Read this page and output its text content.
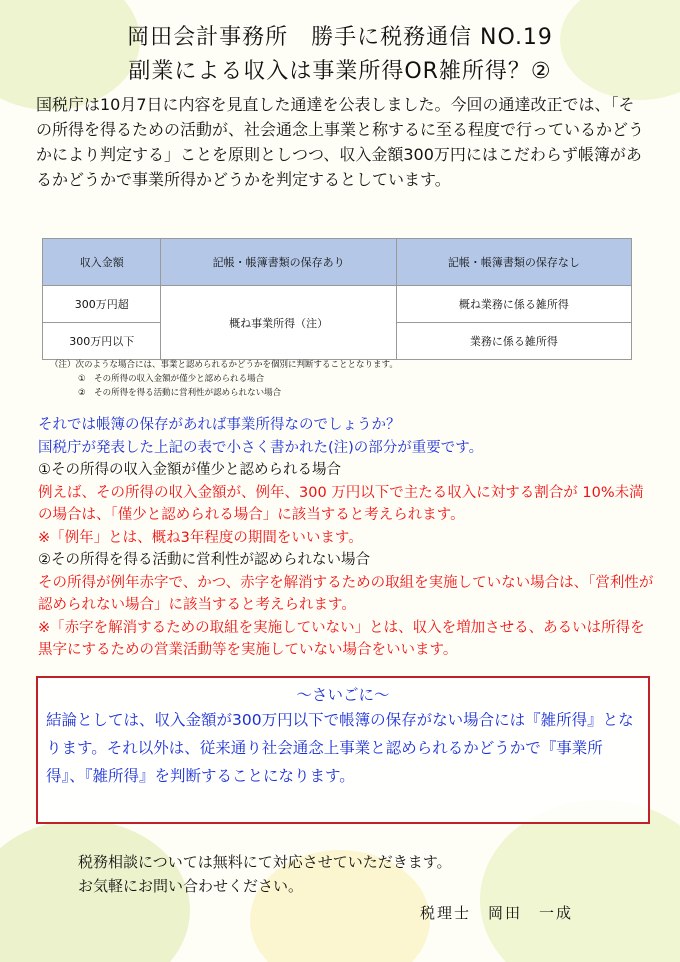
岡田会計事務所　勝手に税務通信 NO.19
副業による収入は事業所得OR雑所得？②
国税庁は10月7日に内容を見直した通達を公表しました。今回の通達改正では、「その所得を得るための活動が、社会通念上事業と称するに至る程度で行っているかどうかにより判定する」ことを原則としつつ、収入金額300万円にはこだわらず帳簿があるかどうかで事業所得かどうかを判定するとしています。
収入金額	記帳・帳簿書類の保存あり	記帳・帳簿書類の保存なし
300万円超	概ね事業所得（注）	概ね業務に係る雑所得
300万円以下		業務に係る雑所得
（注）次のような場合には、事業と認められるかどうかを個別に判断することとなります。
①　その所得の収入金額が僅少と認められる場合
②　その所得を得る活動に営利性が認められない場合
それでは帳簿の保存があれば事業所得なのでしょうか？
国税庁が発表した上記の表で小さく書かれた(注)の部分が重要です。
①その所得の収入金額が僅少と認められる場合
例えば、その所得の収入金額が、例年、300 万円以下で主たる収入に対する割合が 10%未満の場合は、「僅少と認められる場合」に該当すると考えられます。
※「例年」とは、概ね3年程度の期間をいいます。
②その所得を得る活動に営利性が認められない場合
その所得が例年赤字で、かつ、赤字を解消するための取組を実施していない場合は、「営利性が認められない場合」に該当すると考えられます。
※「赤字を解消するための取組を実施していない」とは、収入を増加させる、あるいは所得を黒字にするための営業活動等を実施していない場合をいいます。
～さいごに～
結論としては、収入金額が300万円以下で帳簿の保存がない場合には『雑所得』となります。それ以外は、従来通り社会通念上事業と認められるかどうかで『事業所得』、『雑所得』を判断することになります。
税務相談については無料にて対応させていただきます。
お気軽にお問い合わせください。
税理士　岡田　一成
